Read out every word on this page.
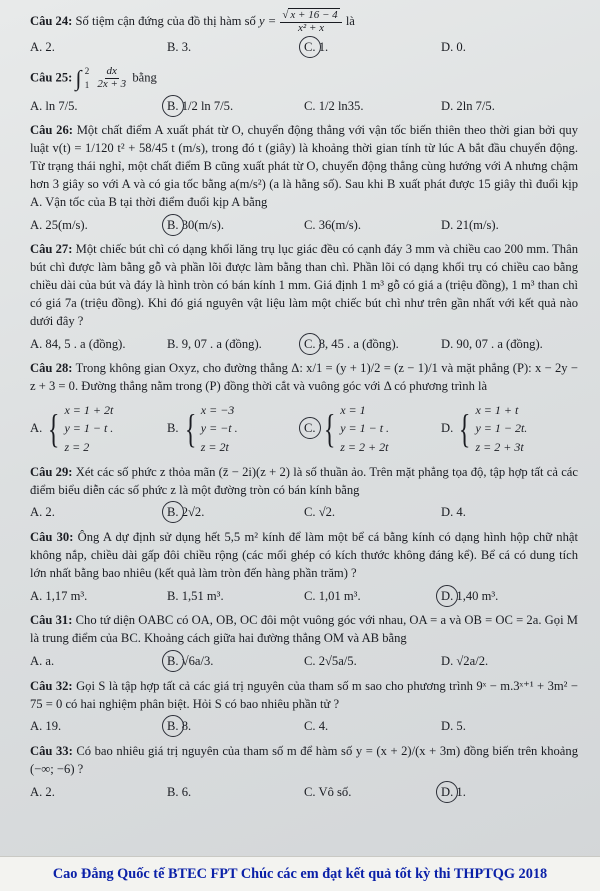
Câu 24: Số tiệm cận đứng của đồ thị hàm số $y = \frac{√ x + 16 - 4}{\text{x² + x}}$ là
A. 2.	B. 3.	C. 1.	D. 0.
Câu 25: ∫ 2
1
$\frac{dx}{2x + 3}$ bằng
A. ln 7/5.	B. 1/2 ln 7/5.	C. 1/2 ln35.	D. 2ln 7/5.
Câu 26: Một chất điểm A xuất phát từ O, chuyển động thẳng với vận tốc biến thiên theo thời gian bởi quy luật v(t) = 1/120 t² + 58/45 t (m/s), trong đó t (giây) là khoảng thời gian tính từ lúc A bắt đầu chuyển động. Từ trạng thái nghỉ, một chất điểm B cũng xuất phát từ O, chuyển động thẳng cùng hướng với A nhưng chậm hơn 3 giây so với A và có gia tốc bằng a(m/s²) (a là hằng số). Sau khi B xuất phát được 15 giây thì đuổi kịp A. Vận tốc của B tại thời điểm đuổi kịp A bằng
A. 25(m/s).	B. 30(m/s).	C. 36(m/s).	D. 21(m/s).
Câu 27: Một chiếc bút chì có dạng khối lăng trụ lục giác đều có cạnh đáy 3 mm và chiều cao 200 mm. Thân bút chì được làm bằng gỗ và phần lõi được làm bằng than chì. Phần lõi có dạng khối trụ có chiều cao bằng chiều dài của bút và đáy là hình tròn có bán kính 1 mm. Giá định 1 m³ gỗ có giá a (triệu đồng), 1 m³ than chì có giá 7a (triệu đồng). Khi đó giá nguyên vật liệu làm một chiếc bút chì như trên gần nhất với kết quả nào dưới đây ?
A. 84, 5 . a (đồng).	B. 9, 07 . a (đồng).	C. 8, 45 . a (đồng).	D. 90, 07 . a (đồng).
Câu 28: Trong không gian Oxyz, cho đường thẳng Δ: x/1 = (y + 1)/2 = (z − 1)/1 và mặt phẳng (P): x − 2y − z + 3 = 0. Đường thẳng nằm trong (P) đồng thời cắt và vuông góc với Δ có phương trình là
A. { x = 1 + 2t
y = 1 − t .
z = 2
B. { x = −3
y = −t .
z = 2t
C. { x = 1
y = 1 − t .
z = 2 + 2t
D. { x = 1 + t
y = 1 − 2t.
z = 2 + 3t
Câu 29: Xét các số phức z thỏa mãn (z̄ − 2i)(z + 2) là số thuần ảo. Trên mặt phẳng tọa độ, tập hợp tất cả các điểm biểu diễn các số phức z là một đường tròn có bán kính bằng
A. 2.	B. 2√2.	C. √2.	D. 4.
Câu 30: Ông A dự định sử dụng hết 5,5 m² kính để làm một bể cá bằng kính có dạng hình hộp chữ nhật không nắp, chiều dài gấp đôi chiều rộng (các mối ghép có kích thước không đáng kể). Bể cá có dung tích lớn nhất bằng bao nhiêu (kết quả làm tròn đến hàng phần trăm) ?
A. 1,17 m³.	B. 1,51 m³.	C. 1,01 m³.	D. 1,40 m³.
Câu 31: Cho tứ diện OABC có OA, OB, OC đôi một vuông góc với nhau, OA = a và OB = OC = 2a. Gọi M là trung điểm của BC. Khoảng cách giữa hai đường thẳng OM và AB bằng
A. a.	B. √6a/3.	C. 2√5a/5.	D. √2a/2.
Câu 32: Gọi S là tập hợp tất cả các giá trị nguyên của tham số m sao cho phương trình 9ˣ − m.3ˣ⁺¹ + 3m² − 75 = 0 có hai nghiệm phân biệt. Hỏi S có bao nhiêu phần tử ?
A. 19.	B. 8.	C. 4.	D. 5.
Câu 33: Có bao nhiêu giá trị nguyên của tham số m để hàm số y = (x + 2)/(x + 3m) đồng biến trên khoảng (−∞; −6) ?
A. 2.	B. 6.	C. Vô số.	D. 1.
Cao Đẳng Quốc tế BTEC FPT Chúc các em đạt kết quả tốt kỳ thi THPTQG 2018
